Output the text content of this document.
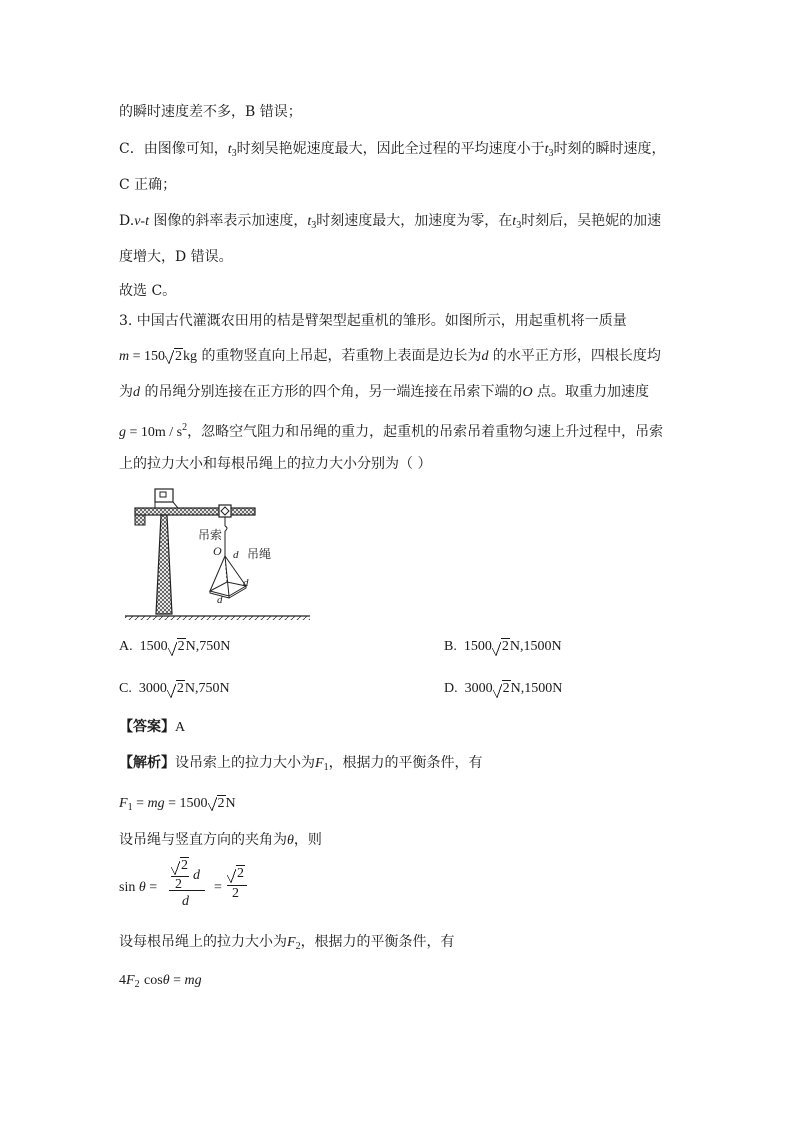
的瞬时速度差不多，B 错误；
C．由图像可知，$t_3$时刻吴艳妮速度最大，因此全过程的平均速度小于$t_3$时刻的瞬时速度，
C 正确；
D.v-t 图像的斜率表示加速度，$t_3$时刻速度最大，加速度为零，在$t_3$时刻后，吴艳妮的加速
度增大，D 错误。
故选 C。
3. 中国古代灌溉农田用的桔是臂架型起重机的雏形。如图所示，用起重机将一质量
m = 150 2kg 的重物竖直向上吊起，若重物上表面是边长为d 的水平正方形，四根长度均
为d 的吊绳分别连接在正方形的四个角，另一端连接在吊索下端的O 点。取重力加速度
$g = 10m / s^2$，忽略空气阻力和吊绳的重力，起重机的吊索吊着重物匀速上升过程中，吊索
上的拉力大小和每根吊绳上的拉力大小分别为（ ）
吊索
O d 吊绳
d
d
A. 1500 2N,750N	B. 1500 2N,1500N
C. 3000 2N,750N	D. 3000 2N,1500N
【答案】A
【解析】设吊索上的拉力大小为$F_1$，根据力的平衡条件，有
$F_1$ = mg = 1500 2N
设吊绳与竖直方向的夹角为θ，则
sin θ =
2
2
d
d
=
2
2
设每根吊绳上的拉力大小为$F_2$，根据力的平衡条件，有
$4F_2$ cosθ = mg
